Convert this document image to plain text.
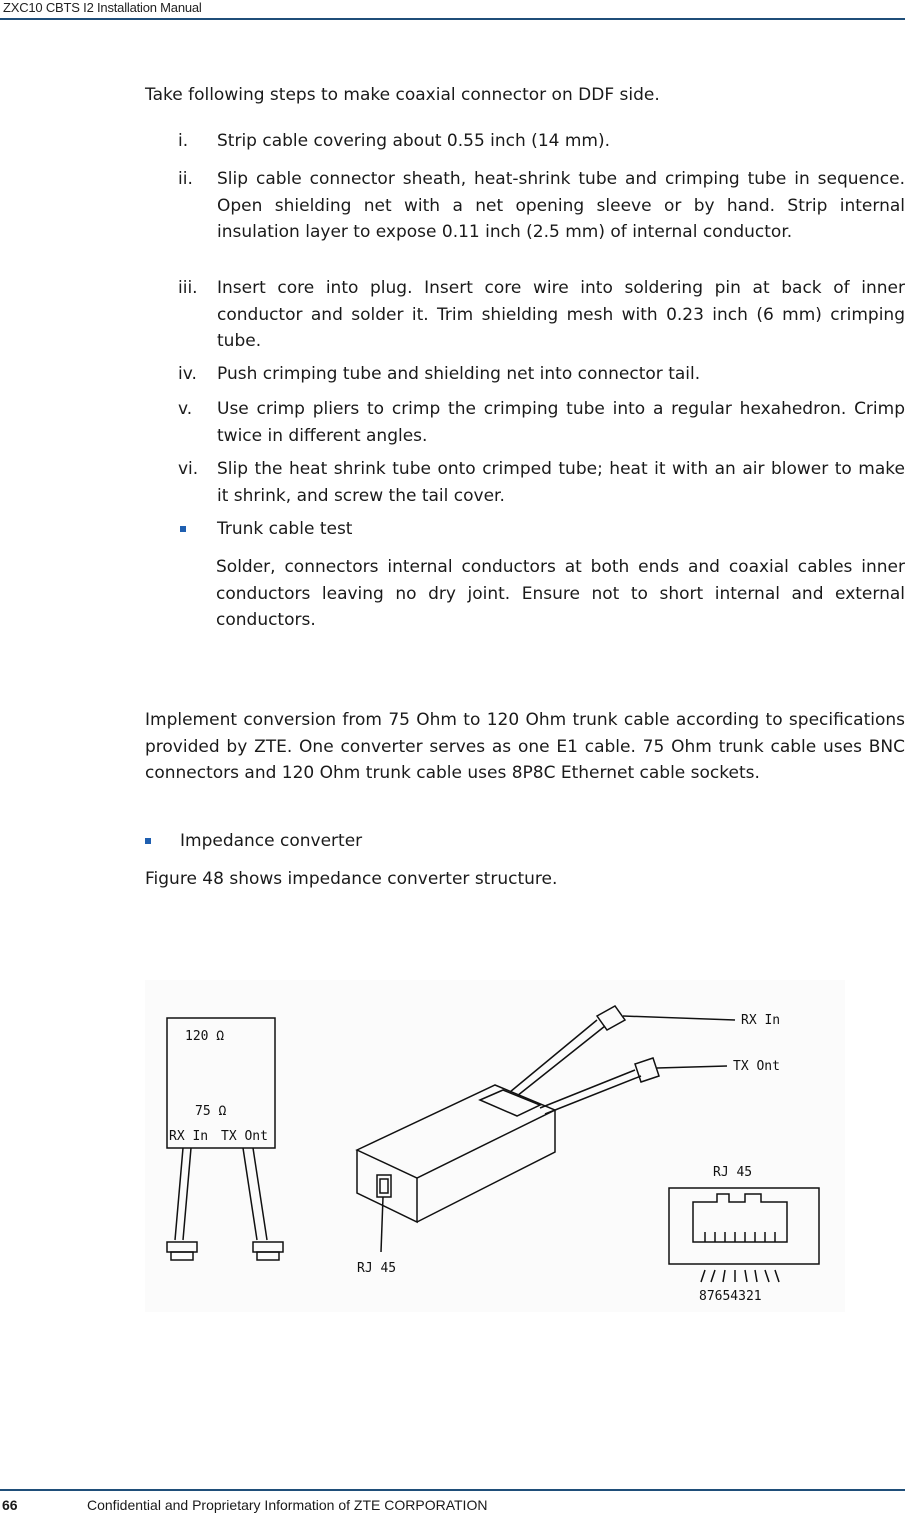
ZXC10 CBTS I2 Installation Manual
Take following steps to make coaxial connector on DDF side.
i.	Strip cable covering about 0.55 inch (14 mm).
ii.	Slip cable connector sheath, heat-shrink tube and crimping tube in sequence. Open shielding net with a net opening sleeve or by hand. Strip internal insulation layer to expose 0.11 inch (2.5 mm) of internal conductor.
iii.	Insert core into plug. Insert core wire into soldering pin at back of inner conductor and solder it. Trim shielding mesh with 0.23 inch (6 mm) crimping tube.
iv.	Push crimping tube and shielding net into connector tail.
v.	Use crimp pliers to crimp the crimping tube into a regular hexahedron. Crimp twice in different angles.
vi.	Slip the heat shrink tube onto crimped tube; heat it with an air blower to make it shrink, and screw the tail cover.
Trunk cable test
Solder, connectors internal conductors at both ends and coaxial cables inner conductors leaving no dry joint. Ensure not to short internal and external conductors.
Implement conversion from 75 Ohm to 120 Ohm trunk cable according to specifications provided by ZTE. One converter serves as one E1 cable. 75 Ohm trunk cable uses BNC connectors and 120 Ohm trunk cable uses 8P8C Ethernet cable sockets.
Impedance converter
Figure 48 shows impedance converter structure.
120 Ω
75 Ω
RX In TX Ont
RX In
TX Ont
RJ 45
RJ 45
87654321
66	Confidential and Proprietary Information of ZTE CORPORATION
